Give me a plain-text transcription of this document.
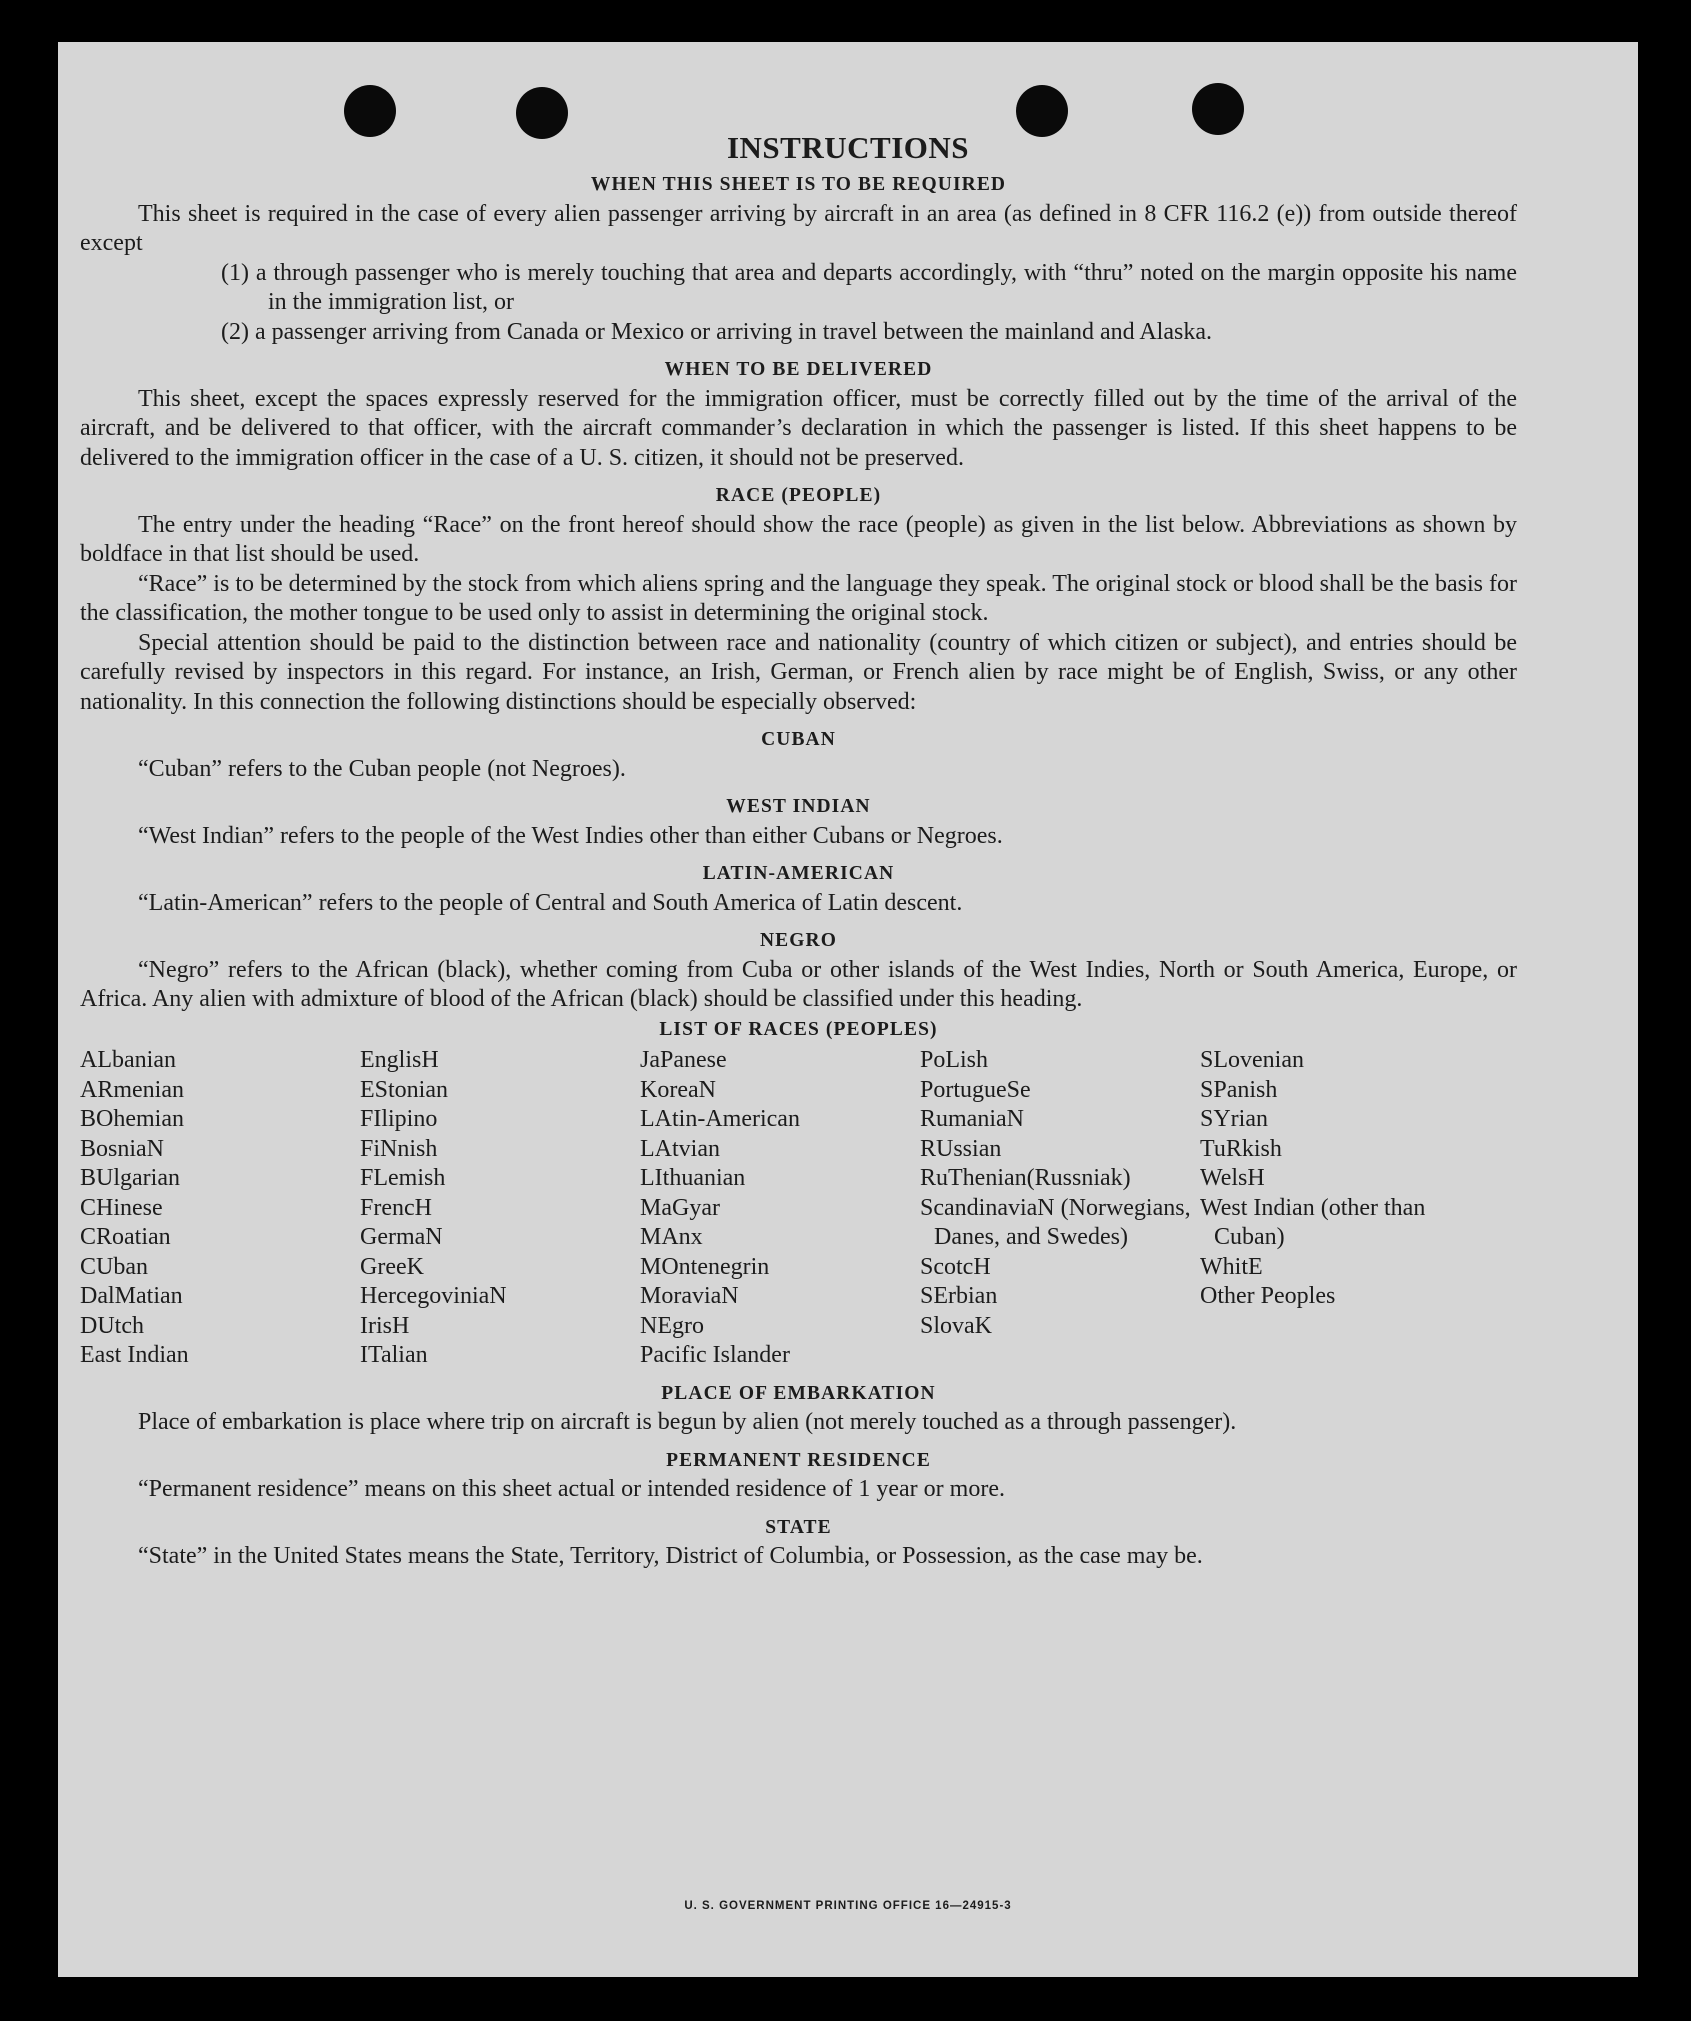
INSTRUCTIONS
WHEN THIS SHEET IS TO BE REQUIRED

This sheet is required in the case of every alien passenger arriving by aircraft in an area (as defined in 8 CFR 116.2 (e)) from outside thereof except

(1) a through passenger who is merely touching that area and departs accordingly, with “thru” noted on the margin opposite his name in the immigration list, or

(2) a passenger arriving from Canada or Mexico or arriving in travel between the mainland and Alaska.

WHEN TO BE DELIVERED

This sheet, except the spaces expressly reserved for the immigration officer, must be correctly filled out by the time of the arrival of the aircraft, and be delivered to that officer, with the aircraft commander’s declaration in which the passenger is listed. If this sheet happens to be delivered to the immigration officer in the case of a U. S. citizen, it should not be preserved.

RACE (PEOPLE)

The entry under the heading “Race” on the front hereof should show the race (people) as given in the list below. Abbreviations as shown by boldface in that list should be used.

“Race” is to be determined by the stock from which aliens spring and the language they speak. The original stock or blood shall be the basis for the classification, the mother tongue to be used only to assist in determining the original stock.

Special attention should be paid to the distinction between race and nationality (country of which citizen or subject), and entries should be carefully revised by inspectors in this regard. For instance, an Irish, German, or French alien by race might be of English, Swiss, or any other nationality. In this connection the following distinctions should be especially observed:

CUBAN

“Cuban” refers to the Cuban people (not Negroes).

WEST INDIAN

“West Indian” refers to the people of the West Indies other than either Cubans or Negroes.

LATIN-AMERICAN

“Latin-American” refers to the people of Central and South America of Latin descent.

NEGRO

“Negro” refers to the African (black), whether coming from Cuba or other islands of the West Indies, North or South America, Europe, or Africa. Any alien with admixture of blood of the African (black) should be classified under this heading.

LIST OF RACES (PEOPLES)
ALbanian
ARmenian
BOhemian
BosniaN
BUlgarian
CHinese
CRoatian
CUban
DalMatian
DUtch
East Indian
EnglisH
EStonian
FIlipino
FiNnish
FLemish
FrencH
GermaN
GreeK
HercegoviniaN
IrisH
ITalian
JaPanese
KoreaN
LAtin-American
LAtvian
LIthuanian
MaGyar
MAnx
MOntenegrin
MoraviaN
NEgro
Pacific Islander
PoLish
PortugueSe
RumaniaN
RUssian
RuThenian(Russniak)
ScandinaviaN (Norwegians, Danes, and Swedes)
ScotcH
SErbian
SlovaK
SLovenian
SPanish
SYrian
TuRkish
WelsH
West Indian (other than Cuban)
WhitE
Other Peoples
PLACE OF EMBARKATION

Place of embarkation is place where trip on aircraft is begun by alien (not merely touched as a through passenger).

PERMANENT RESIDENCE

“Permanent residence” means on this sheet actual or intended residence of 1 year or more.

STATE

“State” in the United States means the State, Territory, District of Columbia, or Possession, as the case may be.

U. S. GOVERNMENT PRINTING OFFICE 16—24915-3
